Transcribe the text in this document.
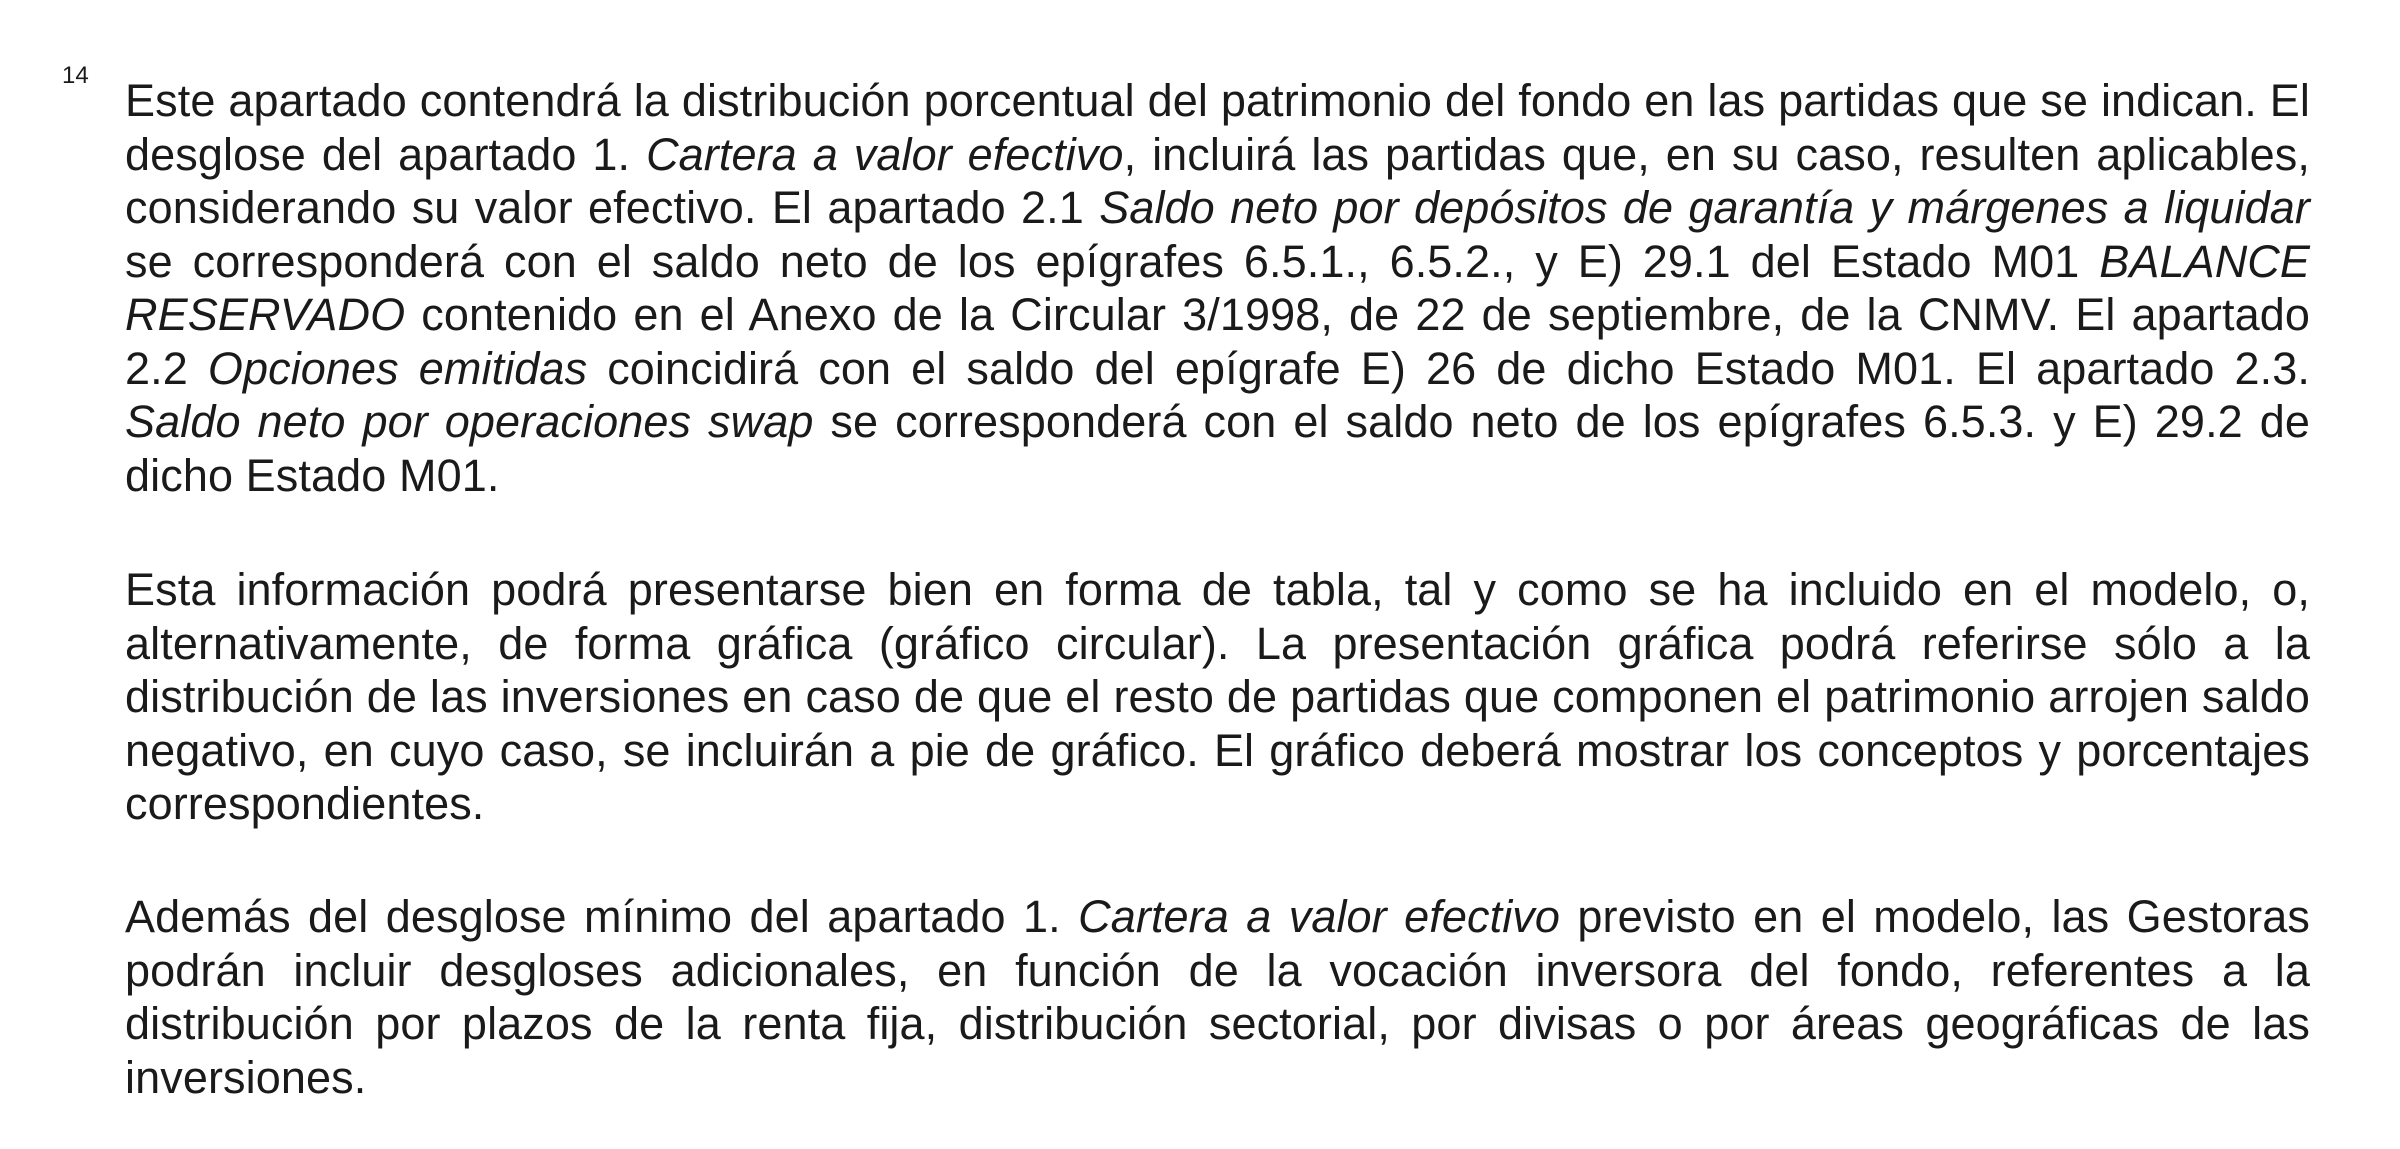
14 Este apartado contendrá la distribución porcentual del patrimonio del fondo en las partidas que se indican. El desglose del apartado 1. Cartera a valor efectivo, incluirá las partidas que, en su caso, resulten aplicables, considerando su valor efectivo. El apartado 2.1 Saldo neto por depósitos de garantía y márgenes a liquidar se corresponderá con el saldo neto de los epígrafes 6.5.1., 6.5.2., y E) 29.1 del Estado M01 BALANCE RESERVADO contenido en el Anexo de la Circular 3/1998, de 22 de septiembre, de la CNMV. El apartado 2.2 Opciones emitidas coincidirá con el saldo del epígrafe E) 26 de dicho Estado M01. El apartado 2.3. Saldo neto por operaciones swap se corresponderá con el saldo neto de los epígrafes 6.5.3. y E) 29.2 de dicho Estado M01.

Esta información podrá presentarse bien en forma de tabla, tal y como se ha incluido en el modelo, o, alternativamente, de forma gráfica (gráfico circular). La presentación gráfica podrá referirse sólo a la distribución de las inversiones en caso de que el resto de partidas que componen el patrimonio arrojen saldo negativo, en cuyo caso, se incluirán a pie de gráfico. El gráfico deberá mostrar los conceptos y porcentajes correspondientes.

Además del desglose mínimo del apartado 1. Cartera a valor efectivo previsto en el modelo, las Gestoras podrán incluir desgloses adicionales, en función de la vocación inversora del fondo, referentes a la distribución por plazos de la renta fija, distribución sectorial, por divisas o por áreas geográficas de las inversiones.
